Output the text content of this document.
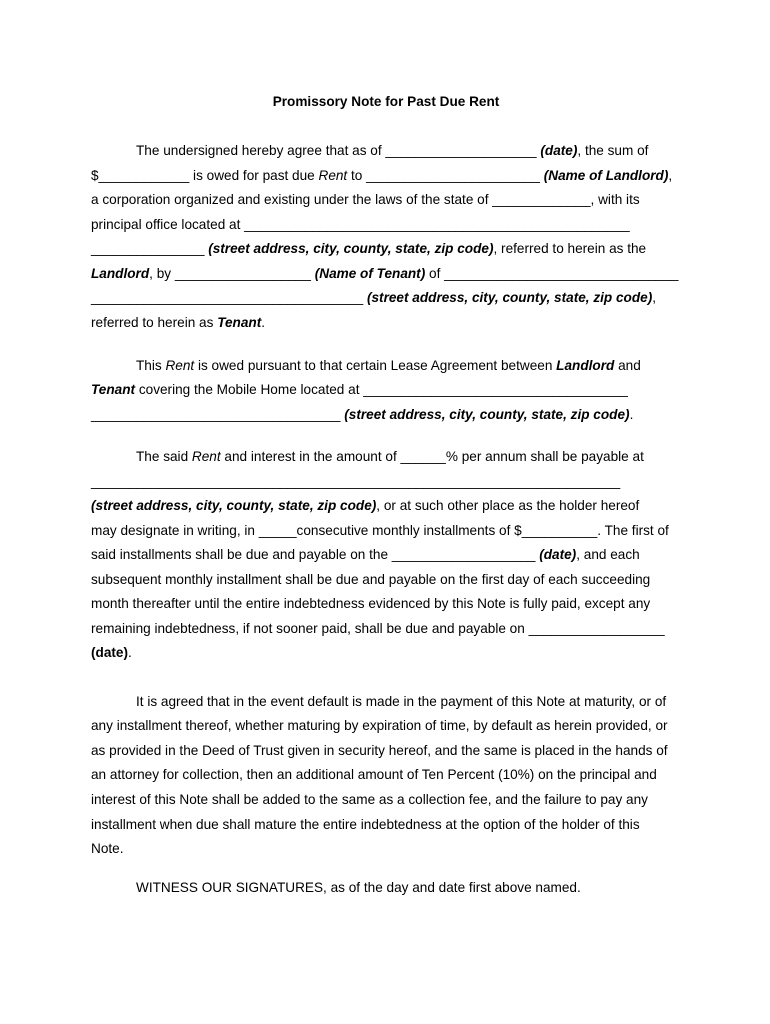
Promissory Note for Past Due Rent
The undersigned hereby agree that as of ____________________ (date), the sum of
$____________ is owed for past due Rent to _______________________ (Name of Landlord),
a corporation organized and existing under the laws of the state of _____________, with its
principal office located at ___________________________________________________
_______________ (street address, city, county, state, zip code), referred to herein as the
Landlord, by __________________ (Name of Tenant) of _______________________________
____________________________________ (street address, city, county, state, zip code),
referred to herein as Tenant.
This Rent is owed pursuant to that certain Lease Agreement between Landlord and
Tenant covering the Mobile Home located at ___________________________________
_________________________________ (street address, city, county, state, zip code).
The said Rent and interest in the amount of ______% per annum shall be payable at
______________________________________________________________________
(street address, city, county, state, zip code), or at such other place as the holder hereof
may designate in writing, in _____consecutive monthly installments of $__________. The first of
said installments shall be due and payable on the ___________________ (date), and each
subsequent monthly installment shall be due and payable on the first day of each succeeding
month thereafter until the entire indebtedness evidenced by this Note is fully paid, except any
remaining indebtedness, if not sooner paid, shall be due and payable on __________________
(date).
It is agreed that in the event default is made in the payment of this Note at maturity, or of
any installment thereof, whether maturing by expiration of time, by default as herein provided, or
as provided in the Deed of Trust given in security hereof, and the same is placed in the hands of
an attorney for collection, then an additional amount of Ten Percent (10%) on the principal and
interest of this Note shall be added to the same as a collection fee, and the failure to pay any
installment when due shall mature the entire indebtedness at the option of the holder of this
Note.
WITNESS OUR SIGNATURES, as of the day and date first above named.
